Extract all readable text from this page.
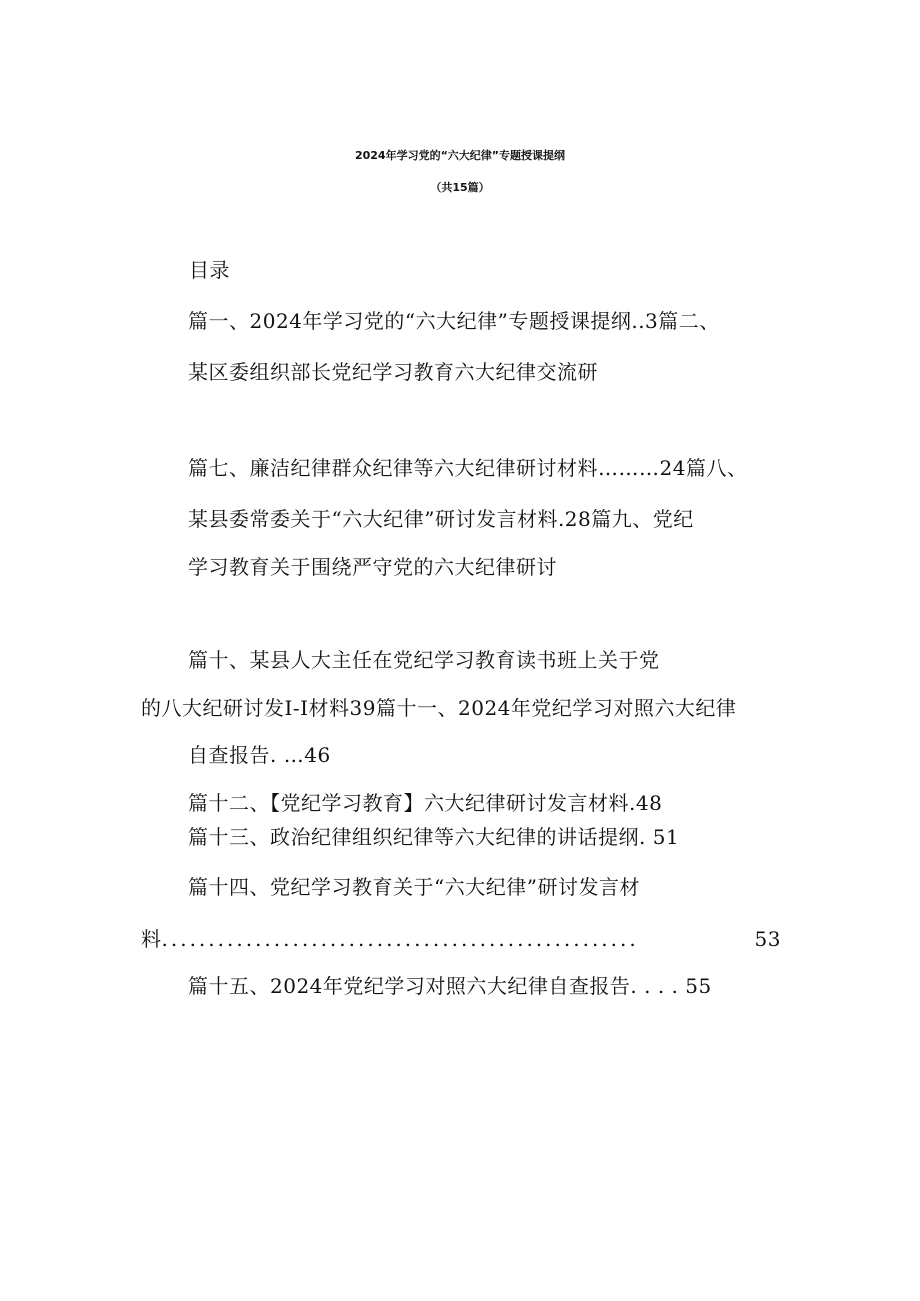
2024年学习党的“六大纪律”专题授课提纲
（共15篇）
目录
篇一、2024年学习党的“六大纪律”专题授课提纲..3篇二、
某区委组织部长党纪学习教育六大纪律交流研
篇七、廉洁纪律群众纪律等六大纪律研讨材料………24篇八、
某县委常委关于“六大纪律”研讨发言材料.28篇九、党纪
学习教育关于围绕严守党的六大纪律研讨
篇十、某县人大主任在党纪学习教育读书班上关于党
的八大纪研讨发I-I材料39篇十一、2024年党纪学习对照六大纪律
自查报告. …46
篇十二、【党纪学习教育】六大纪律研讨发言材料.48
篇十三、政治纪律组织纪律等六大纪律的讲话提纲. 51
篇十四、党纪学习教育关于“六大纪律”研讨发言材
料 ...................................................	53
篇十五、2024年党纪学习对照六大纪律自查报告. . . . 55
